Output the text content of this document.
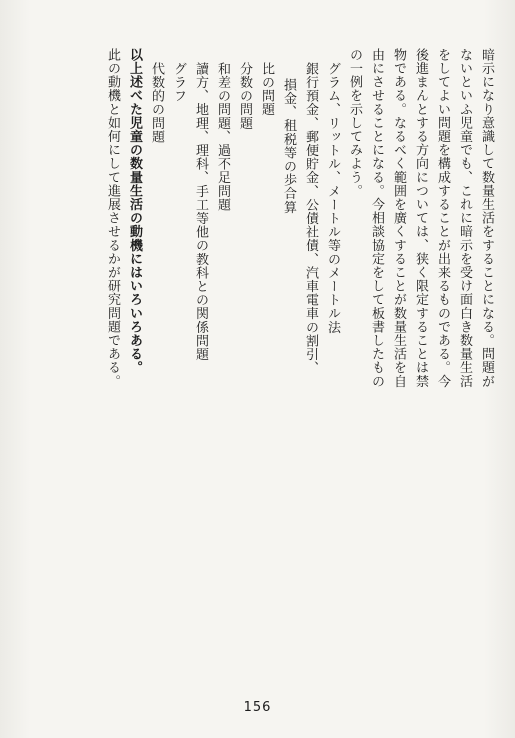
暗示になり意識して数量生活をすることになる。問題が
ないといふ児童でも、これに暗示を受け面白き数量生活
をしてよい問題を構成することが出来るものである。今
後進まんとする方向については、狭く限定することは禁
物である。なるべく範囲を廣くすることが数量生活を自
由にさせることになる。今相談協定をして板書したもの
の一例を示してみよう。
グラム、リットル、メートル等のメートル法
銀行預金、郵便貯金、公債社債、汽車電車の割引、
損金、租税等の歩合算
比の問題
分数の問題
和差の問題、過不足問題
讀方、地理、理科、手工等他の教科との関係問題
グラフ
代数的の問題
以上述べた児童の数量生活の動機にはいろいろある。
此の動機と如何にして進展させるかが研究問題である。
156
